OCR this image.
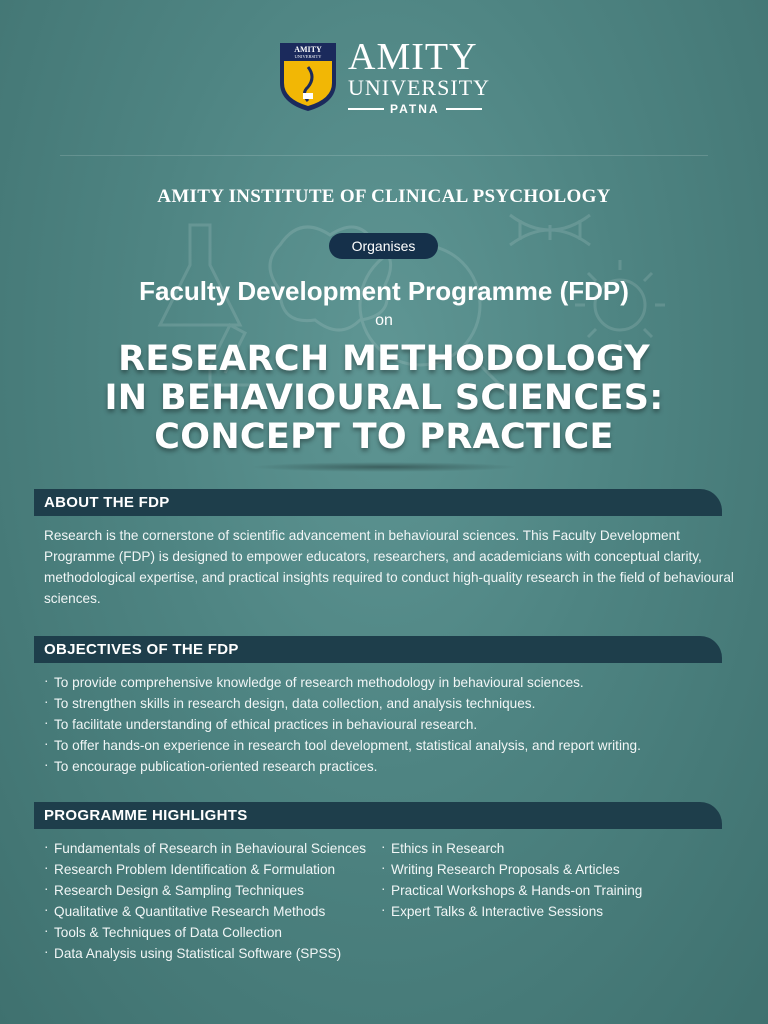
AMITY
UNIVERSITY AMITY
UNIVERSITY
PATNA
AMITY INSTITUTE OF CLINICAL PSYCHOLOGY
Organises
Faculty Development Programme (FDP)
on
RESEARCH METHODOLOGY
IN BEHAVIOURAL SCIENCES:
CONCEPT TO PRACTICE
ABOUT THE FDP
Research is the cornerstone of scientific advancement in behavioural sciences. This Faculty Development Programme (FDP) is designed to empower educators, researchers, and academicians with conceptual clarity, methodological expertise, and practical insights required to conduct high-quality research in the field of behavioural sciences.
OBJECTIVES OF THE FDP
· To provide comprehensive knowledge of research methodology in behavioural sciences.
· To strengthen skills in research design, data collection, and analysis techniques.
· To facilitate understanding of ethical practices in behavioural research.
· To offer hands-on experience in research tool development, statistical analysis, and report writing.
· To encourage publication-oriented research practices.
PROGRAMME HIGHLIGHTS
· Fundamentals of Research in Behavioural Sciences
· Research Problem Identification & Formulation
· Research Design & Sampling Techniques
· Qualitative & Quantitative Research Methods
· Tools & Techniques of Data Collection
· Data Analysis using Statistical Software (SPSS)
· Ethics in Research
· Writing Research Proposals & Articles
· Practical Workshops & Hands-on Training
· Expert Talks & Interactive Sessions
